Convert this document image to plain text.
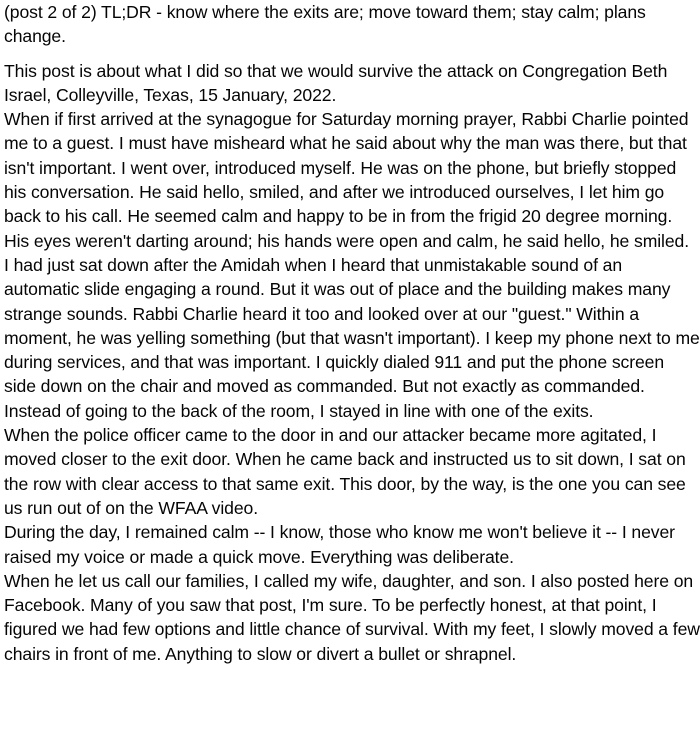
(post 2 of 2) TL;DR - know where the exits are; move toward them; stay calm; plans change.

This post is about what I did so that we would survive the attack on Congregation Beth Israel, Colleyville, Texas, 15 January, 2022.

When if first arrived at the synagogue for Saturday morning prayer, Rabbi Charlie pointed me to a guest. I must have misheard what he said about why the man was there, but that isn't important. I went over, introduced myself. He was on the phone, but briefly stopped his conversation. He said hello, smiled, and after we introduced ourselves, I let him go back to his call. He seemed calm and happy to be in from the frigid 20 degree morning. His eyes weren't darting around; his hands were open and calm, he said hello, he smiled.

I had just sat down after the Amidah when I heard that unmistakable sound of an automatic slide engaging a round. But it was out of place and the building makes many strange sounds. Rabbi Charlie heard it too and looked over at our "guest." Within a moment, he was yelling something (but that wasn't important). I keep my phone next to me during services, and that was important. I quickly dialed 911 and put the phone screen side down on the chair and moved as commanded. But not exactly as commanded. Instead of going to the back of the room, I stayed in line with one of the exits.

When the police officer came to the door in and our attacker became more agitated, I moved closer to the exit door. When he came back and instructed us to sit down, I sat on the row with clear access to that same exit. This door, by the way, is the one you can see us run out of on the WFAA video.

During the day, I remained calm -- I know, those who know me won't believe it -- I never raised my voice or made a quick move. Everything was deliberate.

When he let us call our families, I called my wife, daughter, and son. I also posted here on Facebook. Many of you saw that post, I'm sure. To be perfectly honest, at that point, I figured we had few options and little chance of survival. With my feet, I slowly moved a few chairs in front of me. Anything to slow or divert a bullet or shrapnel.
